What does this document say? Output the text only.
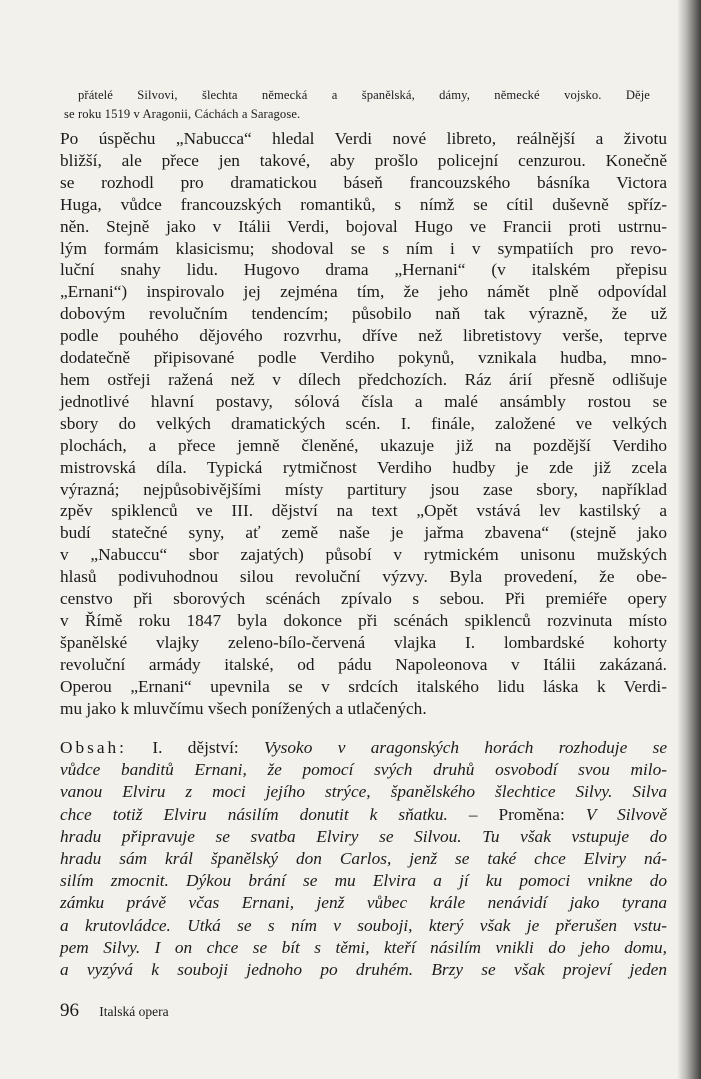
přátelé Silvovi, šlechta německá a španělská, dámy, německé vojsko. Děje
se roku 1519 v Aragonii, Cáchách a Saragose.
Po úspěchu „Nabucca“ hledal Verdi nové libreto, reálnější a životu
bližší, ale přece jen takové, aby prošlo policejní cenzurou. Konečně
se rozhodl pro dramatickou báseň francouzského básníka Victora
Huga, vůdce francouzských romantiků, s nímž se cítil duševně spříz-
něn. Stejně jako v Itálii Verdi, bojoval Hugo ve Francii proti ustrnu-
lým formám klasicismu; shodoval se s ním i v sympatiích pro revo-
luční snahy lidu. Hugovo drama „Hernani“ (v italském přepisu
„Ernani“) inspirovalo jej zejména tím, že jeho námět plně odpovídal
dobovým revolučním tendencím; působilo naň tak výrazně, že už
podle pouhého dějového rozvrhu, dříve než libretistovy verše, teprve
dodatečně připisované podle Verdiho pokynů, vznikala hudba, mno-
hem ostřeji ražená než v dílech předchozích. Ráz árií přesně odlišuje
jednotlivé hlavní postavy, sólová čísla a malé ansámbly rostou se
sbory do velkých dramatických scén. I. finále, založené ve velkých
plochách, a přece jemně členěné, ukazuje již na pozdější Verdiho
mistrovská díla. Typická rytmičnost Verdiho hudby je zde již zcela
výrazná; nejpůsobivějšími místy partitury jsou zase sbory, například
zpěv spiklenců ve III. dějství na text „Opět vstává lev kastilský a
budí statečné syny, ať země naše je jařma zbavena“ (stejně jako
v „Nabuccu“ sbor zajatých) působí v rytmickém unisonu mužských
hlasů podivuhodnou silou revoluční výzvy. Byla provedení, že obe-
censtvo při sborových scénách zpívalo s sebou. Při premiéře opery
v Římě roku 1847 byla dokonce při scénách spiklenců rozvinuta místo
španělské vlajky zeleno-bílo-červená vlajka I. lombardské kohorty
revoluční armády italské, od pádu Napoleonova v Itálii zakázaná.
Operou „Ernani“ upevnila se v srdcích italského lidu láska k Verdi-
mu jako k mluvčímu všech ponížených a utlačených.
Obsah: I. dějství: Vysoko v aragonských horách rozhoduje se
vůdce banditů Ernani, že pomocí svých druhů osvobodí svou milo-
vanou Elviru z moci jejího strýce, španělského šlechtice Silvy. Silva
chce totiž Elviru násilím donutit k sňatku. – Proměna: V Silvově
hradu připravuje se svatba Elviry se Silvou. Tu však vstupuje do
hradu sám král španělský don Carlos, jenž se také chce Elviry ná-
silím zmocnit. Dýkou brání se mu Elvira a jí ku pomoci vnikne do
zámku právě včas Ernani, jenž vůbec krále nenávidí jako tyrana
a krutovládce. Utká se s ním v souboji, který však je přerušen vstu-
pem Silvy. I on chce se bít s těmi, kteří násilím vnikli do jeho domu,
a vyzývá k souboji jednoho po druhém. Brzy se však projeví jeden
96 Italská opera
